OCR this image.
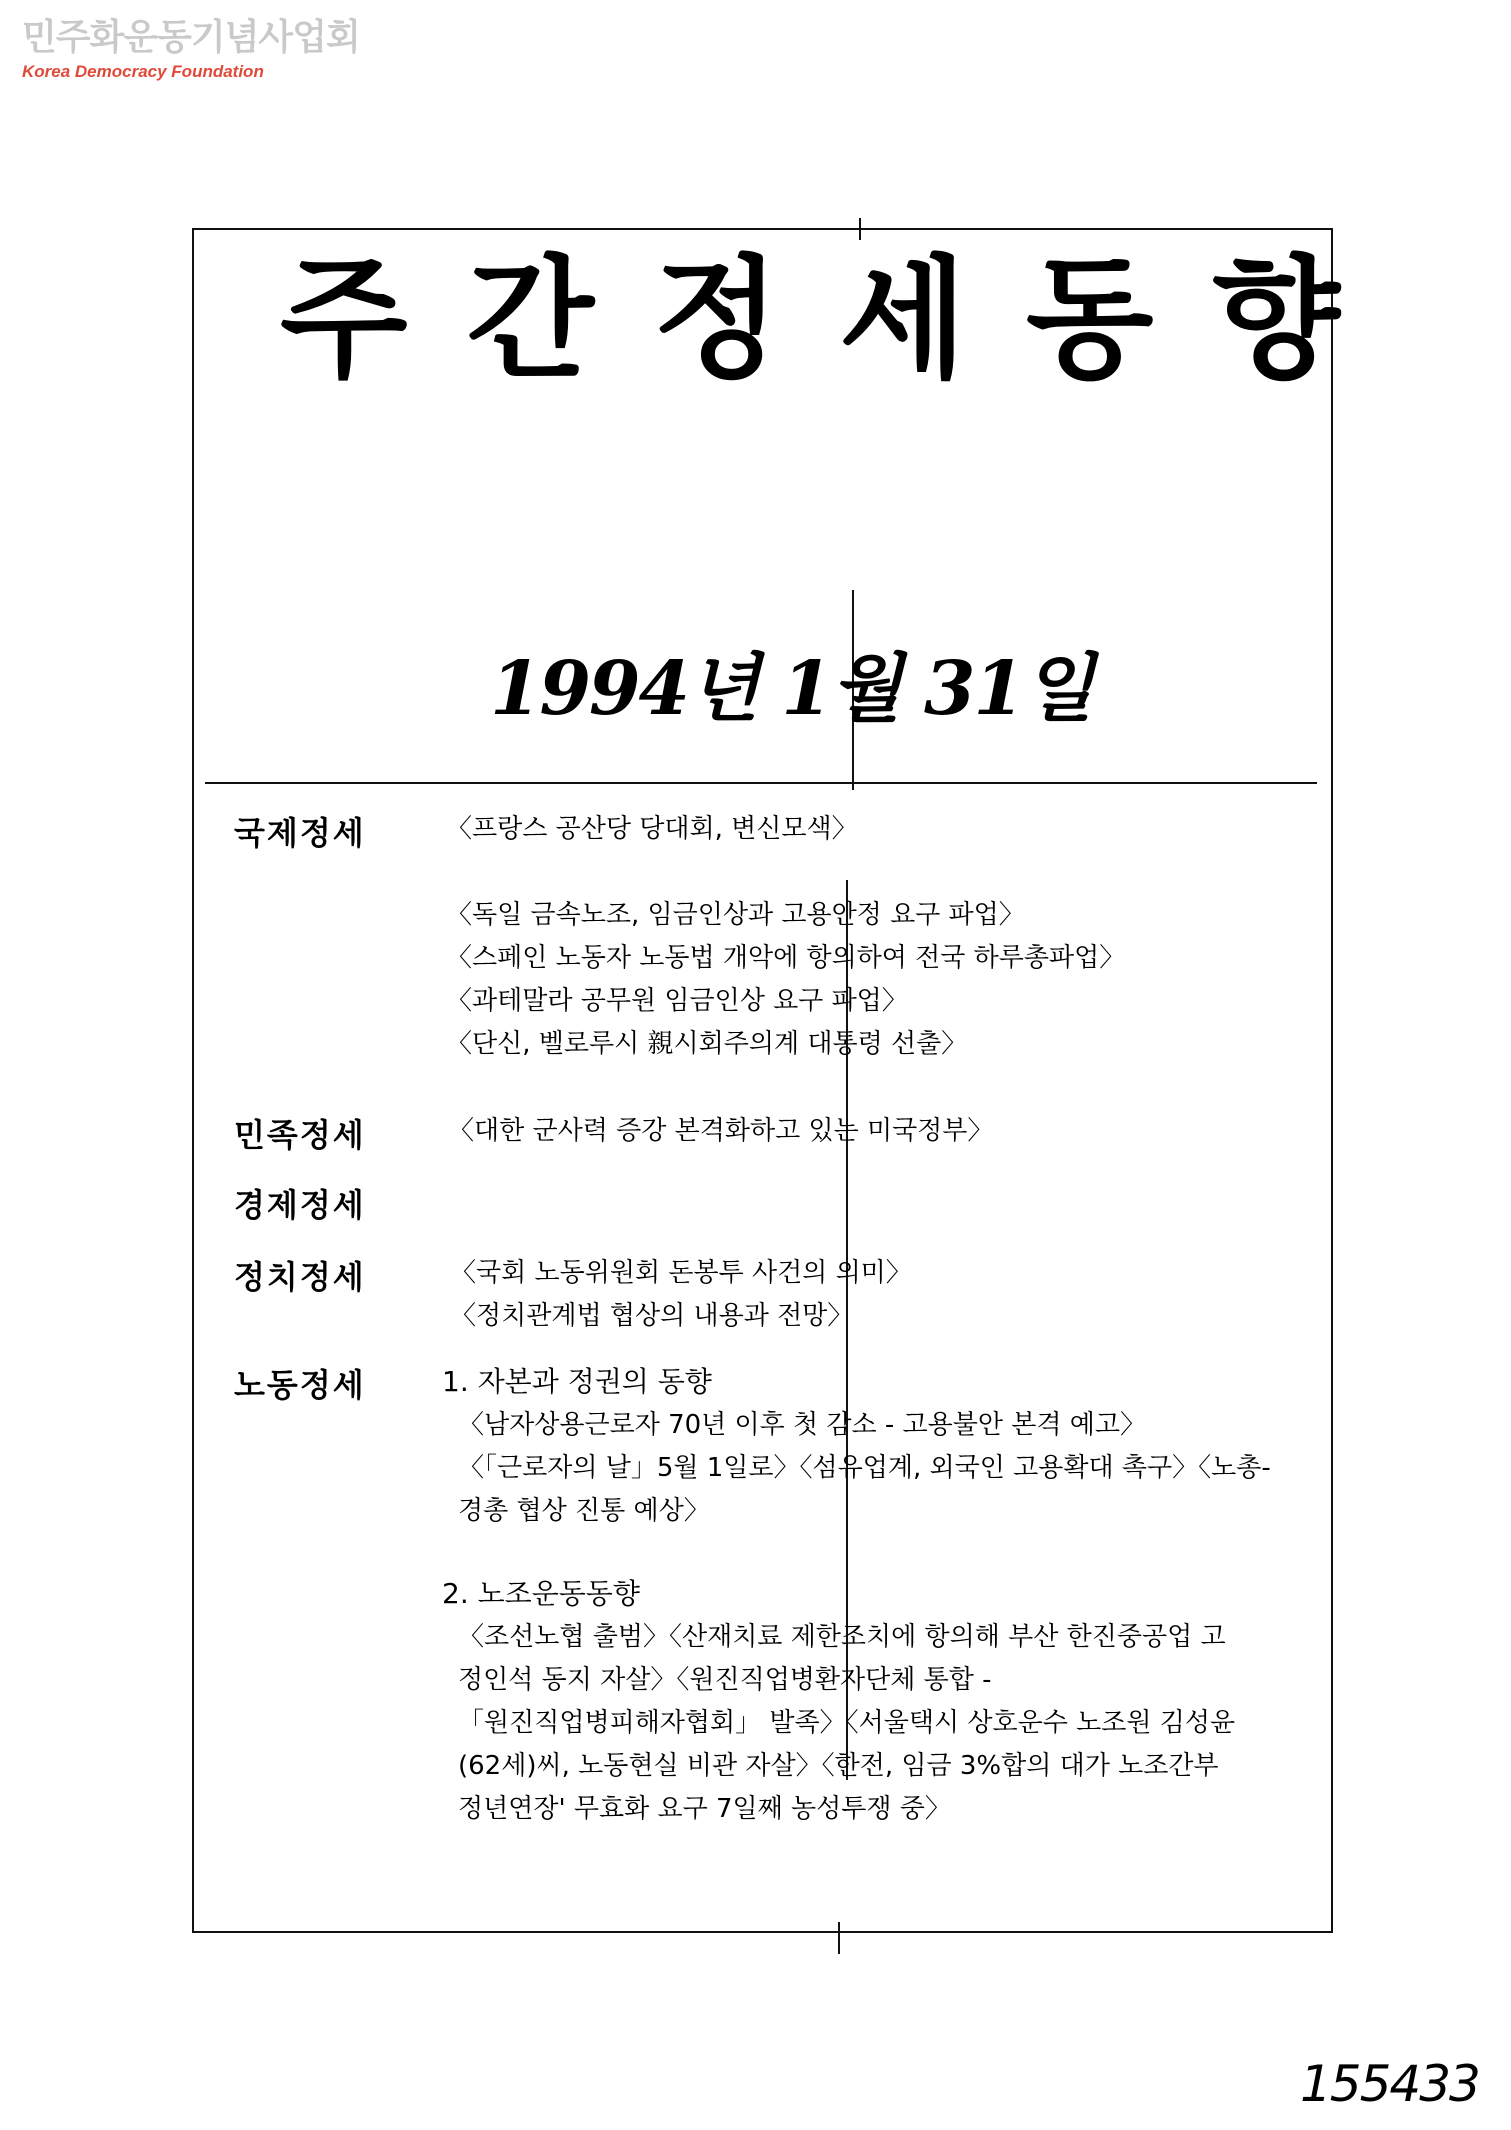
민주화운동기념사업회
Korea Democracy Foundation
주 간 정 세 동 향
1994년 1월 31일
국제정세	〈프랑스 공산당 당대회, 변신모색〉
〈독일 금속노조, 임금인상과 고용안정 요구 파업〉
〈스페인 노동자 노동법 개악에 항의하여 전국 하루총파업〉
〈과테말라 공무원 임금인상 요구 파업〉
〈단신, 벨로루시 親시회주의계 대통령 선출〉
민족정세	〈대한 군사력 증강 본격화하고 있는 미국정부〉
경제정세
정치정세	〈국회 노동위원회 돈봉투 사건의 의미〉
〈정치관계법 협상의 내용과 전망〉
노동정세	1. 자본과 정권의 동향

〈남자상용근로자 70년 이후 첫 감소 - 고용불안 본격 예고〉〈「근로자의 날」5월 1일로〉〈섬유업계, 외국인 고용확대 촉구〉〈노총-경총 협상 진통 예상〉

2. 노조운동동향

〈조선노협 출범〉〈산재치료 제한조치에 항의해 부산 한진중공업 고 정인석 동지 자살〉〈원진직업병환자단체 통합 - 「원진직업병피해자협회」 발족〉〈서울택시 상호운수 노조원 김성윤(62세)씨, 노동현실 비관 자살〉〈한전, 임금 3%합의 대가 노조간부 정년연장' 무효화 요구 7일째 농성투쟁 중〉

155433
